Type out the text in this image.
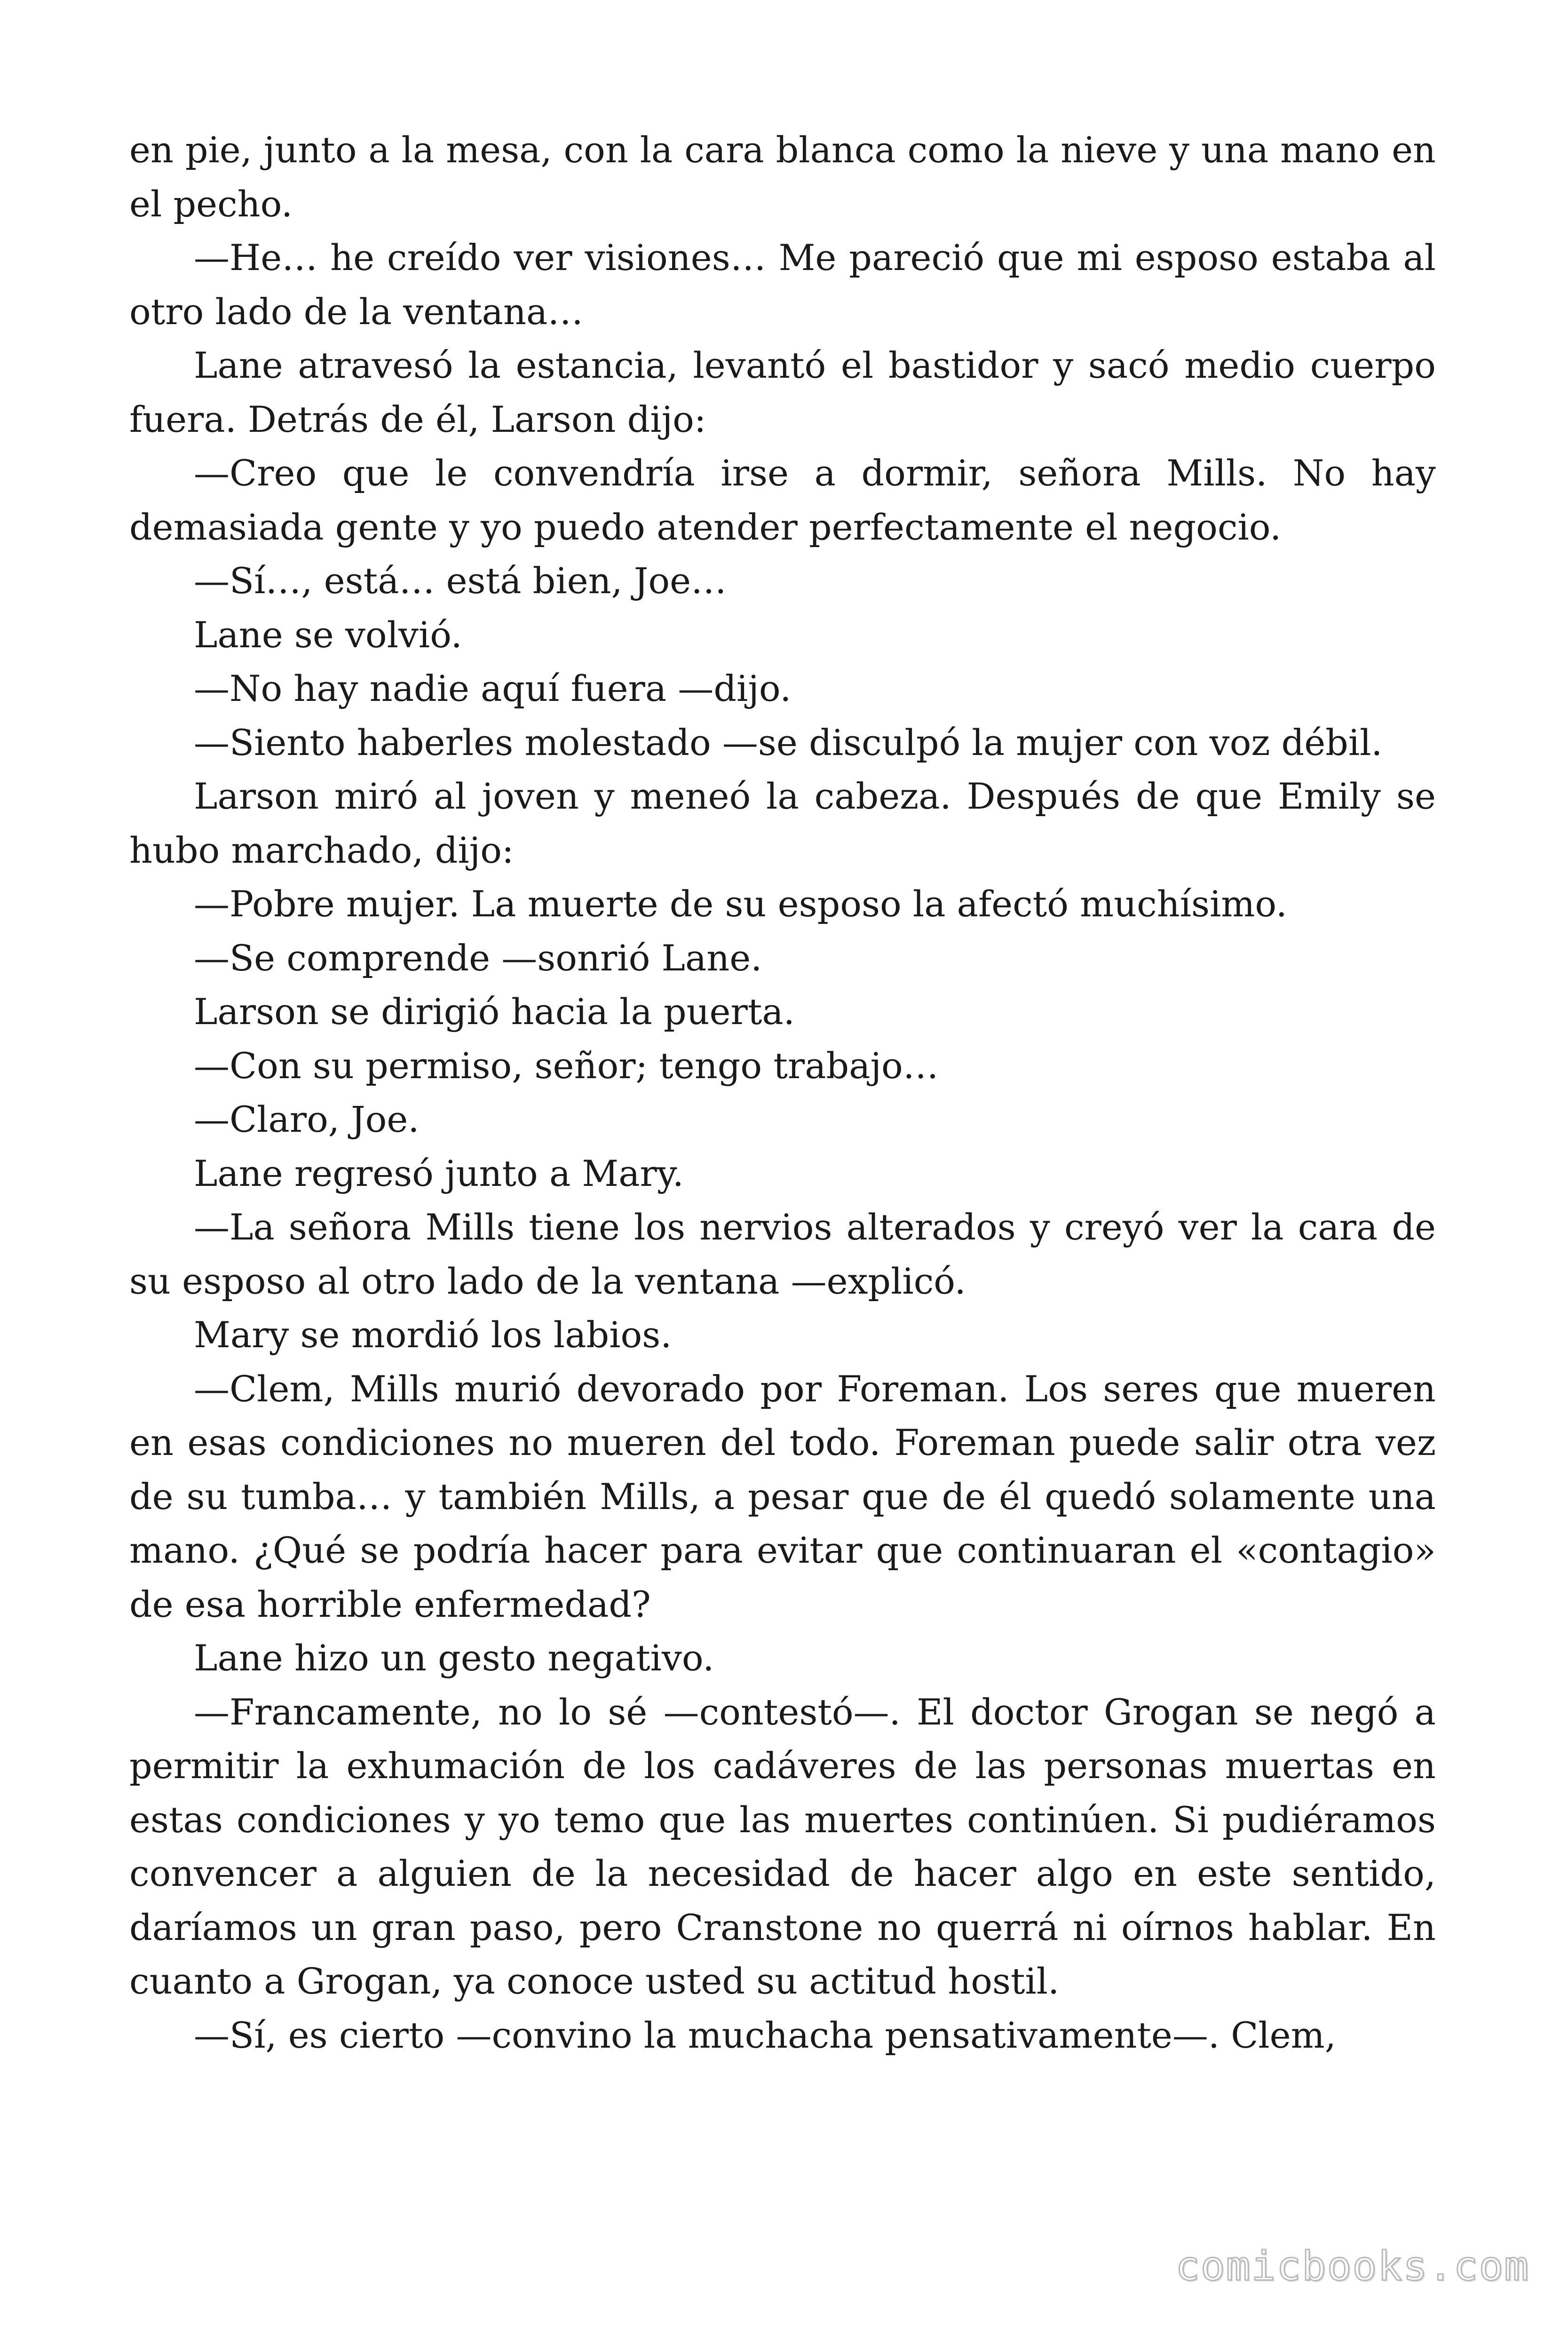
en pie, junto a la mesa, con la cara blanca como la nieve y una mano en el pecho.

—He… he creído ver visiones… Me pareció que mi esposo estaba al otro lado de la ventana…

Lane atravesó la estancia, levantó el bastidor y sacó medio cuerpo fuera. Detrás de él, Larson dijo:

—Creo que le convendría irse a dormir, señora Mills. No hay demasiada gente y yo puedo atender perfectamente el negocio.

—Sí…, está… está bien, Joe…

Lane se volvió.

—No hay nadie aquí fuera —dijo.

—Siento haberles molestado —se disculpó la mujer con voz débil.

Larson miró al joven y meneó la cabeza. Después de que Emily se hubo marchado, dijo:

—Pobre mujer. La muerte de su esposo la afectó muchísimo.

—Se comprende —sonrió Lane.

Larson se dirigió hacia la puerta.

—Con su permiso, señor; tengo trabajo…

—Claro, Joe.

Lane regresó junto a Mary.

—La señora Mills tiene los nervios alterados y creyó ver la cara de su esposo al otro lado de la ventana —explicó.

Mary se mordió los labios.

—Clem, Mills murió devorado por Foreman. Los seres que mueren en esas condiciones no mueren del todo. Foreman puede salir otra vez de su tumba… y también Mills, a pesar que de él quedó solamente una mano. ¿Qué se podría hacer para evitar que continuaran el «contagio» de esa horrible enfermedad?

Lane hizo un gesto negativo.

—Francamente, no lo sé —contestó—. El doctor Grogan se negó a permitir la exhumación de los cadáveres de las personas muertas en estas condiciones y yo temo que las muertes continúen. Si pudiéramos convencer a alguien de la necesidad de hacer algo en este sentido, daríamos un gran paso, pero Cranstone no querrá ni oírnos hablar. En cuanto a Grogan, ya conoce usted su actitud hostil.

—Sí, es cierto —convino la muchacha pensativamente—. Clem,

comicbooks.com
